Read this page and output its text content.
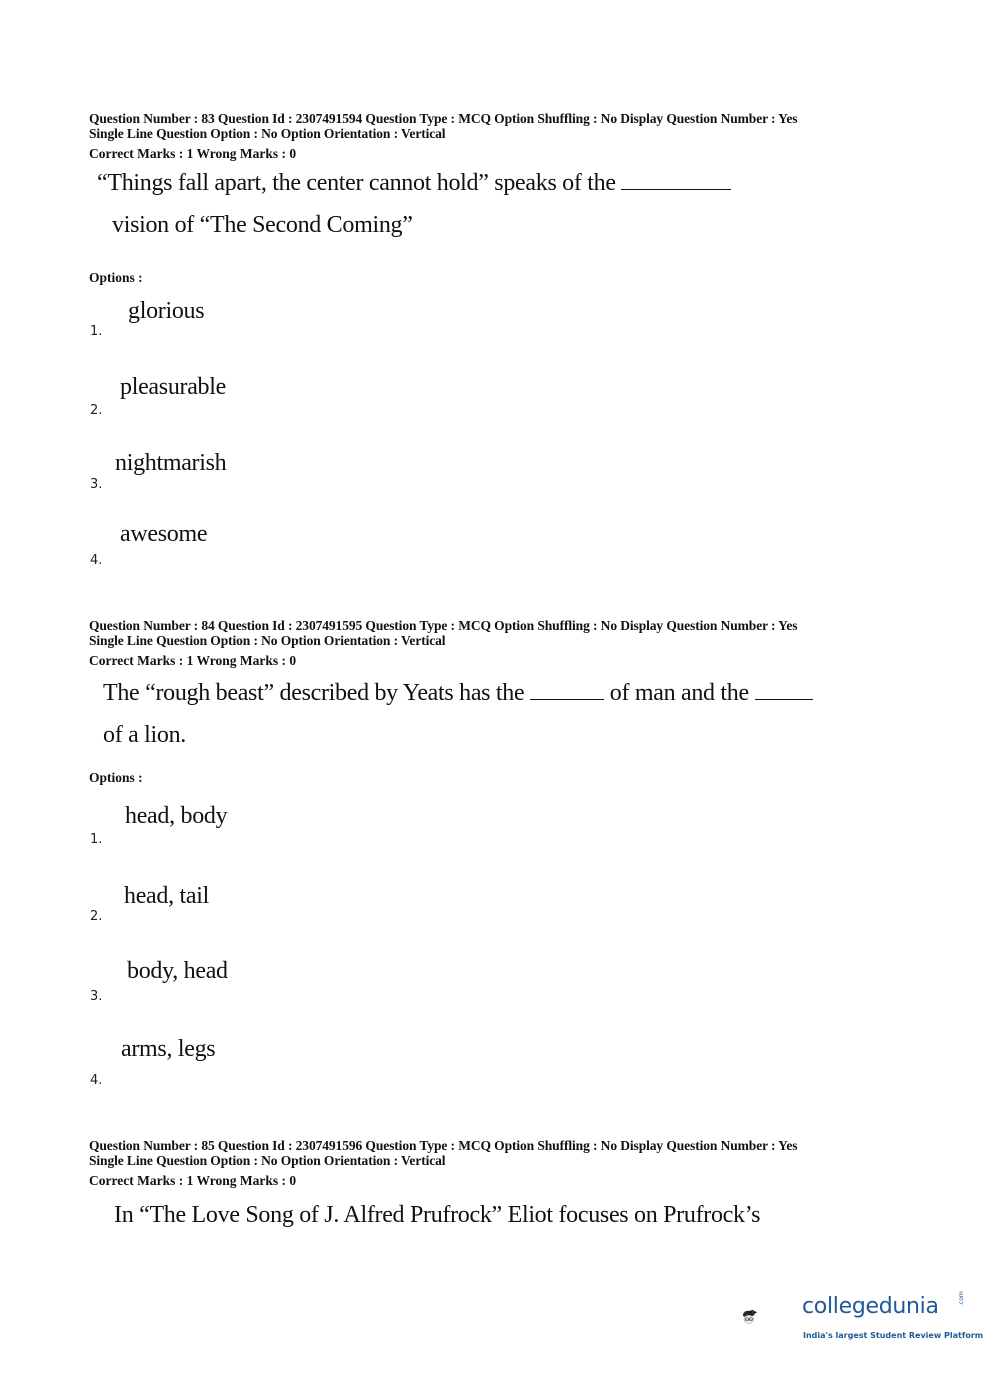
Question Number : 83 Question Id : 2307491594 Question Type : MCQ Option Shuffling : No Display Question Number : Yes
Single Line Question Option : No Option Orientation : Vertical
Correct Marks : 1 Wrong Marks : 0
“Things fall apart, the center cannot hold” speaks of the
vision of “The Second Coming”
Options :
glorious
1.
pleasurable
2.
nightmarish
3.
awesome
4.
Question Number : 84 Question Id : 2307491595 Question Type : MCQ Option Shuffling : No Display Question Number : Yes
Single Line Question Option : No Option Orientation : Vertical
Correct Marks : 1 Wrong Marks : 0
The “rough beast” described by Yeats has the	of man and the
of a lion.
Options :
head, body
1.
head, tail
2.
body, head
3.
arms, legs
4.
Question Number : 85 Question Id : 2307491596 Question Type : MCQ Option Shuffling : No Display Question Number : Yes
Single Line Question Option : No Option Orientation : Vertical
Correct Marks : 1 Wrong Marks : 0
In “The Love Song of J. Alfred Prufrock” Eliot focuses on Prufrock’s
collegedunia	.com
India's largest Student Review Platform
